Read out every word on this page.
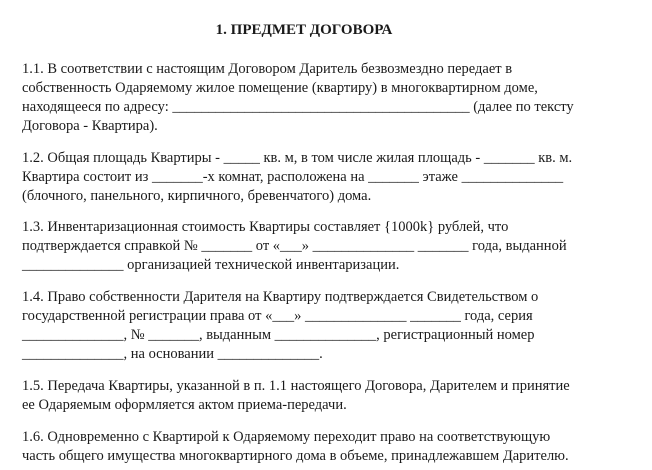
1. ПРЕДМЕТ ДОГОВОРА
1.1. В соответствии с настоящим Договором Даритель безвозмездно передает в
собственность Одаряемому жилое помещение (квартиру) в многоквартирном доме,
находящееся по адресу: _________________________________________ (далее по тексту
Договора - Квартира).
1.2. Общая площадь Квартиры - _____ кв. м, в том числе жилая площадь - _______ кв. м.
Квартира состоит из _______-х комнат, расположена на _______ этаже ______________
(блочного, панельного, кирпичного, бревенчатого) дома.
1.3. Инвентаризационная стоимость Квартиры составляет {1000k} рублей, что
подтверждается справкой № _______ от «___» ______________ _______ года, выданной
______________ организацией технической инвентаризации.
1.4. Право собственности Дарителя на Квартиру подтверждается Свидетельством о
государственной регистрации права от «___» ______________ _______ года, серия
______________, № _______, выданным ______________, регистрационный номер
______________, на основании ______________.
1.5. Передача Квартиры, указанной в п. 1.1 настоящего Договора, Дарителем и принятие
ее Одаряемым оформляется актом приема-передачи.
1.6. Одновременно с Квартирой к Одаряемому переходит право на соответствующую
часть общего имущества многоквартирного дома в объеме, принадлежавшем Дарителю.
